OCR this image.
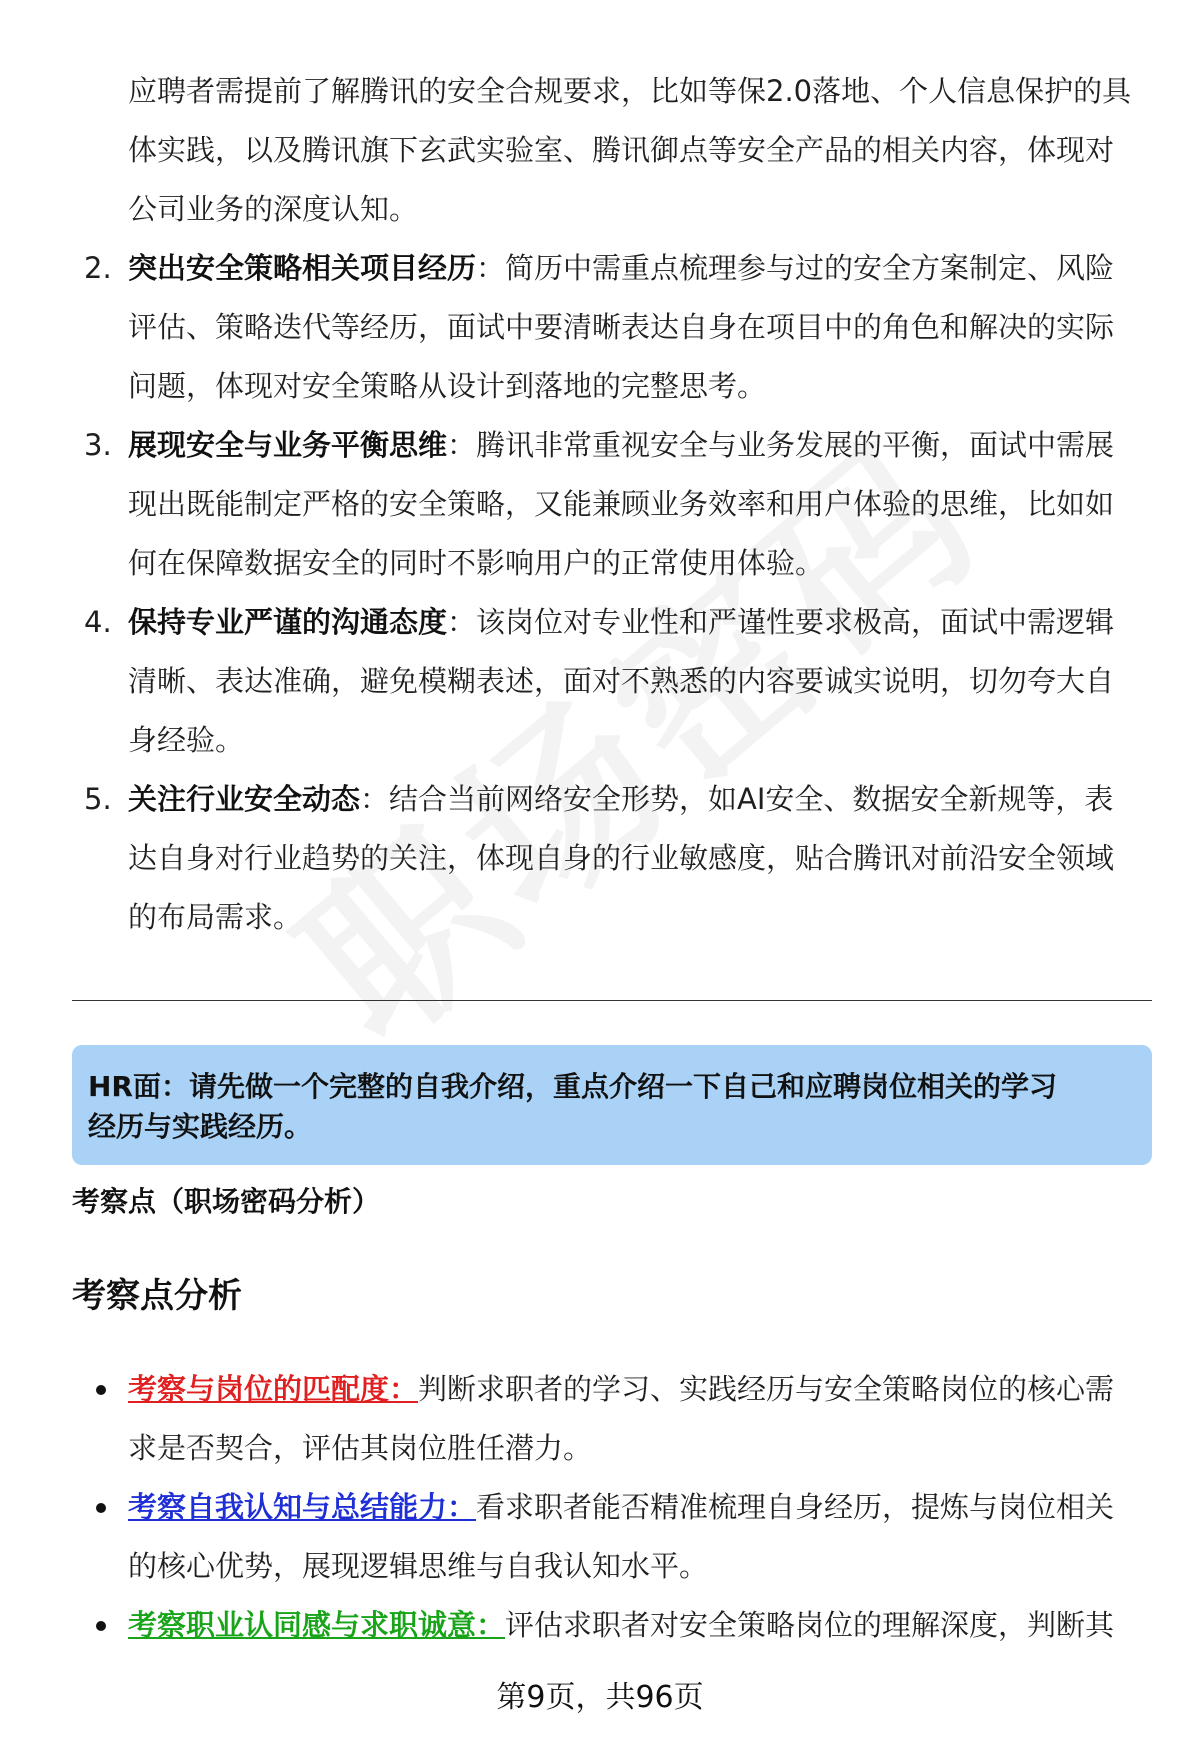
应聘者需提前了解腾讯的安全合规要求，比如等保2.0落地、个人信息保护的具
体实践，以及腾讯旗下玄武实验室、腾讯御点等安全产品的相关内容，体现对
公司业务的深度认知。
2. 突出安全策略相关项目经历：简历中需重点梳理参与过的安全方案制定、风险
评估、策略迭代等经历，面试中要清晰表达自身在项目中的角色和解决的实际
问题，体现对安全策略从设计到落地的完整思考。
3. 展现安全与业务平衡思维：腾讯非常重视安全与业务发展的平衡，面试中需展
现出既能制定严格的安全策略，又能兼顾业务效率和用户体验的思维，比如如
何在保障数据安全的同时不影响用户的正常使用体验。
4. 保持专业严谨的沟通态度：该岗位对专业性和严谨性要求极高，面试中需逻辑
清晰、表达准确，避免模糊表述，面对不熟悉的内容要诚实说明，切勿夸大自
身经验。
5. 关注行业安全动态：结合当前网络安全形势，如AI安全、数据安全新规等，表
达自身对行业趋势的关注，体现自身的行业敏感度，贴合腾讯对前沿安全领域
的布局需求。
HR面：请先做一个完整的自我介绍，重点介绍一下自己和应聘岗位相关的学习
经历与实践经历。
考察点（职场密码分析）
考察点分析
考察与岗位的匹配度：判断求职者的学习、实践经历与安全策略岗位的核心需
求是否契合，评估其岗位胜任潜力。
考察自我认知与总结能力：看求职者能否精准梳理自身经历，提炼与岗位相关
的核心优势，展现逻辑思维与自我认知水平。
考察职业认同感与求职诚意：评估求职者对安全策略岗位的理解深度，判断其
第9页，共96页
